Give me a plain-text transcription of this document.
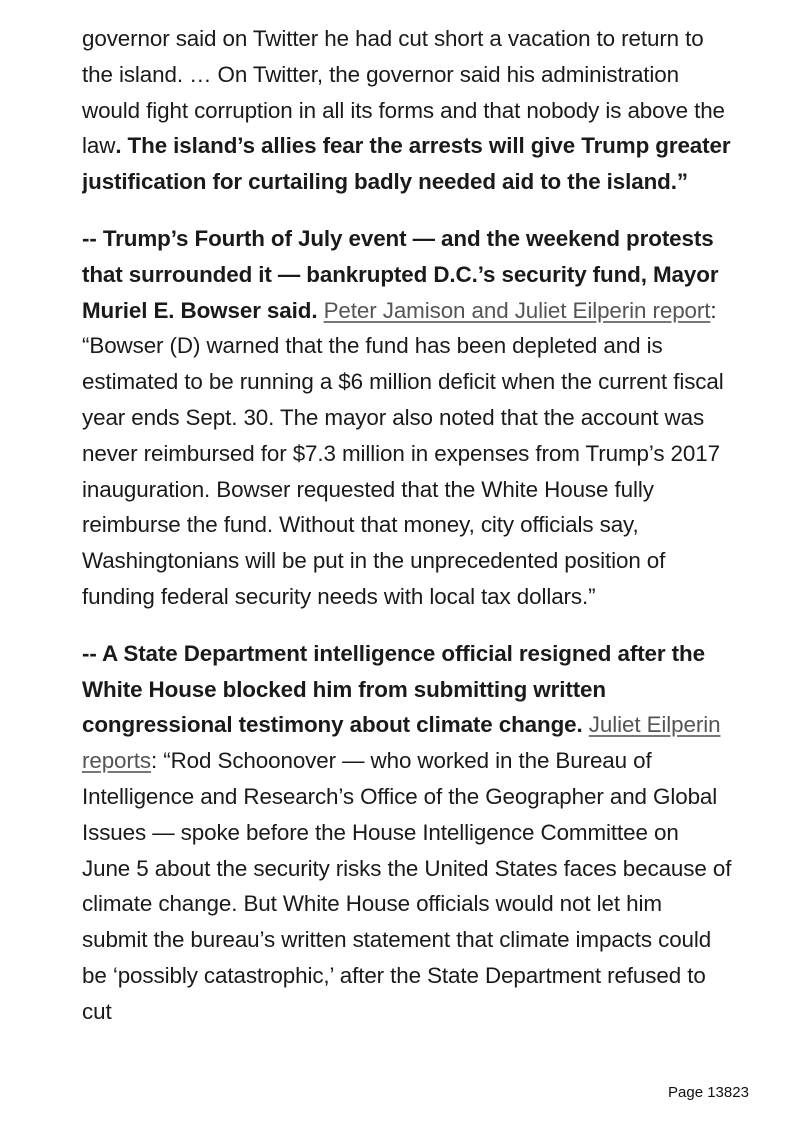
governor said on Twitter he had cut short a vacation to return to the island. … On Twitter, the governor said his administration would fight corruption in all its forms and that nobody is above the law. The island’s allies fear the arrests will give Trump greater justification for curtailing badly needed aid to the island.”

-- Trump’s Fourth of July event — and the weekend protests that surrounded it — bankrupted D.C.’s security fund, Mayor Muriel E. Bowser said. Peter Jamison and Juliet Eilperin report: “Bowser (D) warned that the fund has been depleted and is estimated to be running a $6 million deficit when the current fiscal year ends Sept. 30. The mayor also noted that the account was never reimbursed for $7.3 million in expenses from Trump’s 2017 inauguration. Bowser requested that the White House fully reimburse the fund. Without that money, city officials say, Washingtonians will be put in the unprecedented position of funding federal security needs with local tax dollars.”

-- A State Department intelligence official resigned after the White House blocked him from submitting written congressional testimony about climate change. Juliet Eilperin reports: “Rod Schoonover — who worked in the Bureau of Intelligence and Research’s Office of the Geographer and Global Issues — spoke before the House Intelligence Committee on June 5 about the security risks the United States faces because of climate change. But White House officials would not let him submit the bureau’s written statement that climate impacts could be ‘possibly catastrophic,’ after the State Department refused to cut

Page 13823
